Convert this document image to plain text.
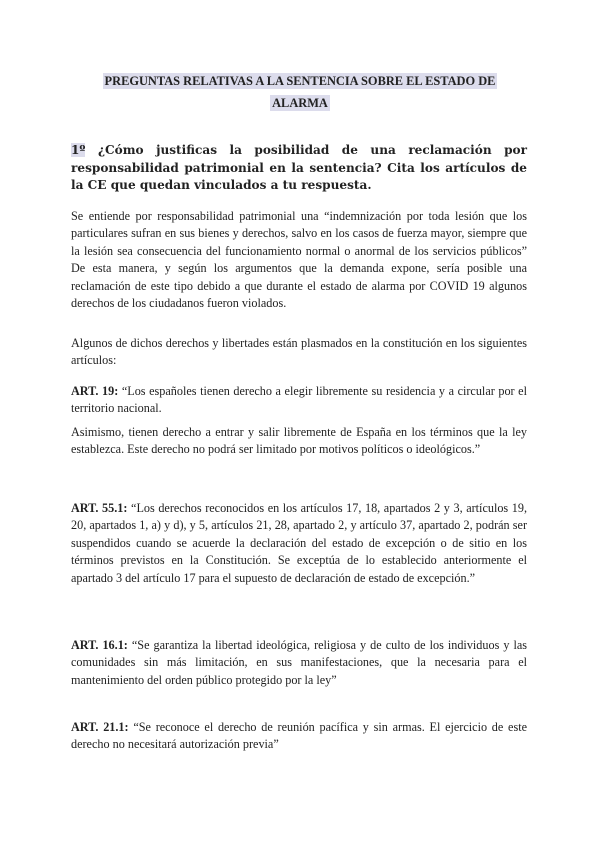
PREGUNTAS RELATIVAS A LA SENTENCIA SOBRE EL ESTADO DE
ALARMA
1º ¿Cómo justificas la posibilidad de una reclamación por responsabilidad patrimonial en la sentencia? Cita los artículos de la CE que quedan vinculados a tu respuesta.
Se entiende por responsabilidad patrimonial una “indemnización por toda lesión que los particulares sufran en sus bienes y derechos, salvo en los casos de fuerza mayor, siempre que la lesión sea consecuencia del funcionamiento normal o anormal de los servicios públicos” De esta manera, y según los argumentos que la demanda expone, sería posible una reclamación de este tipo debido a que durante el estado de alarma por COVID 19 algunos derechos de los ciudadanos fueron violados.
Algunos de dichos derechos y libertades están plasmados en la constitución en los siguientes artículos:
ART. 19: “Los españoles tienen derecho a elegir libremente su residencia y a circular por el territorio nacional.
Asimismo, tienen derecho a entrar y salir libremente de España en los términos que la ley establezca. Este derecho no podrá ser limitado por motivos políticos o ideológicos.”
ART. 55.1: “Los derechos reconocidos en los artículos 17, 18, apartados 2 y 3, artículos 19, 20, apartados 1, a) y d), y 5, artículos 21, 28, apartado 2, y artículo 37, apartado 2, podrán ser suspendidos cuando se acuerde la declaración del estado de excepción o de sitio en los términos previstos en la Constitución. Se exceptúa de lo establecido anteriormente el apartado 3 del artículo 17 para el supuesto de declaración de estado de excepción.”
ART. 16.1: “Se garantiza la libertad ideológica, religiosa y de culto de los individuos y las comunidades sin más limitación, en sus manifestaciones, que la necesaria para el mantenimiento del orden público protegido por la ley”
ART. 21.1: “Se reconoce el derecho de reunión pacífica y sin armas. El ejercicio de este derecho no necesitará autorización previa”
